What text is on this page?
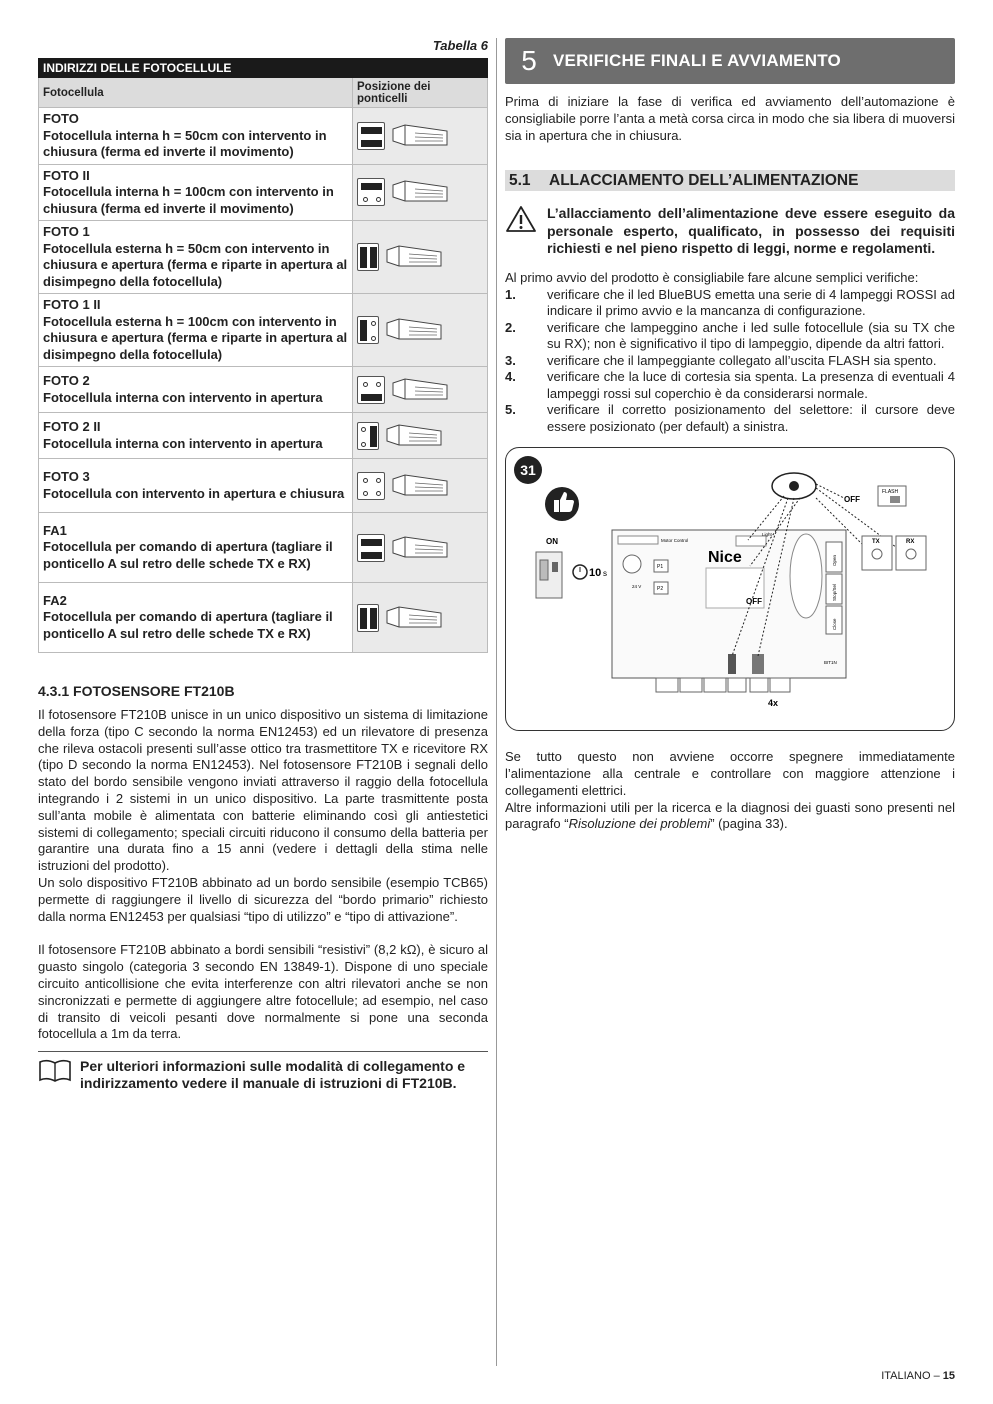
Tabella 6
INDIRIZZI DELLE FOTOCELLULE	
Fotocellula	Posizione dei ponticelli

FOTO
Fotocellula interna h = 50cm con intervento in chiusura (ferma ed inverte il movimento)

FOTO II
Fotocellula interna h = 100cm con intervento in chiusura (ferma ed inverte il movimento)

FOTO 1
Fotocellula esterna h = 50cm con intervento in chiusura e apertura (ferma e riparte in apertura al disimpegno della fotocellula)

FOTO 1 II
Fotocellula esterna h = 100cm con intervento in chiusura e apertura (ferma e riparte in apertura al disimpegno della fotocellula)

FOTO 2
Fotocellula interna con intervento in apertura

FOTO 2 II
Fotocellula interna con intervento in apertura

FOTO 3
Fotocellula con intervento in apertura e chiusura

FA1
Fotocellula per comando di apertura (tagliare il ponticello A sul retro delle schede TX e RX)

FA2
Fotocellula per comando di apertura (tagliare il ponticello A sul retro delle schede TX e RX)

4.3.1 FOTOSENSORE FT210B

Il fotosensore FT210B unisce in un unico dispositivo un sistema di limitazione della forza (tipo C secondo la norma EN12453) ed un rilevatore di presenza che rileva ostacoli presenti sull’asse ottico tra trasmettitore TX e ricevitore RX (tipo D secondo la norma EN12453). Nel fotosensore FT210B i segnali dello stato del bordo sensibile vengono inviati attraverso il raggio della fotocellula integrando i 2 sistemi in un unico dispositivo. La parte trasmittente posta sull’anta mobile è alimentata con batterie eliminando così gli antiestetici sistemi di collegamento; speciali circuiti riducono il consumo della batteria per garantire una durata fino a 15 anni (vedere i dettagli della stima nelle istruzioni del prodotto).

Un solo dispositivo FT210B abbinato ad un bordo sensibile (esempio TCB65) permette di raggiungere il livello di sicurezza del “bordo primario” richiesto dalla norma EN12453 per qualsiasi “tipo di utilizzo” e “tipo di attivazione”.

Il fotosensore FT210B abbinato a bordi sensibili “resistivi” (8,2 kΩ), è sicuro al guasto singolo (categoria 3 secondo EN 13849-1). Dispone di uno speciale circuito anticollisione che evita interferenze con altri rilevatori anche se non sincronizzati e permette di aggiungere altre fotocellule; ad esempio, nel caso di transito di veicoli pesanti dove normalmente si pone una seconda fotocellula a 1m da terra.

Per ulteriori informazioni sulle modalità di collegamento e indirizzamento vedere il manuale di istruzioni di FT210B.
5 VERIFICHE FINALI E AVVIAMENTO

Prima di iniziare la fase di verifica ed avviamento dell’automazione è consigliabile porre l’anta a metà corsa circa in modo che sia libera di muoversi sia in apertura che in chiusura.

5.1	ALLACCIAMENTO DELL’ALIMENTAZIONE
L’allacciamento dell’alimentazione deve essere eseguito da personale esperto, qualificato, in possesso dei requisiti richiesti e nel pieno rispetto di leggi, norme e regolamenti.

Al primo avvio del prodotto è consigliabile fare alcune semplici verifiche:

1.	verificare che il led BlueBUS emetta una serie di 4 lampeggi ROSSI ad indicare il primo avvio e la mancanza di configurazione.
2.	verificare che lampeggino anche i led sulle fotocellule (sia su TX che su RX); non è significativo il tipo di lampeggio, dipende da altri fattori.
3.	verificare che il lampeggiante collegato all’uscita FLASH sia spento.
4.	verificare che la luce di cortesia sia spenta. La presenza di eventuali 4 lampeggi rossi sul coperchio è da considerarsi normale.
5.	verificare il corretto posizionamento del selettore: il cursore deve essere posizionato (per default) a sinistra.
31
ON
10 s
Motor Control
24 V
P1
P2
Light
Nice
OFF
Open
Stop/Sel
Close
BIT1N
4x
OFF
FLASH
TX	RX

Se tutto questo non avviene occorre spegnere immediatamente l’alimentazione alla centrale e controllare con maggiore attenzione i collegamenti elettrici.

Altre informazioni utili per la ricerca e la diagnosi dei guasti sono presenti nel paragrafo “Risoluzione dei problemi” (pagina 33).

ITALIANO – 15
